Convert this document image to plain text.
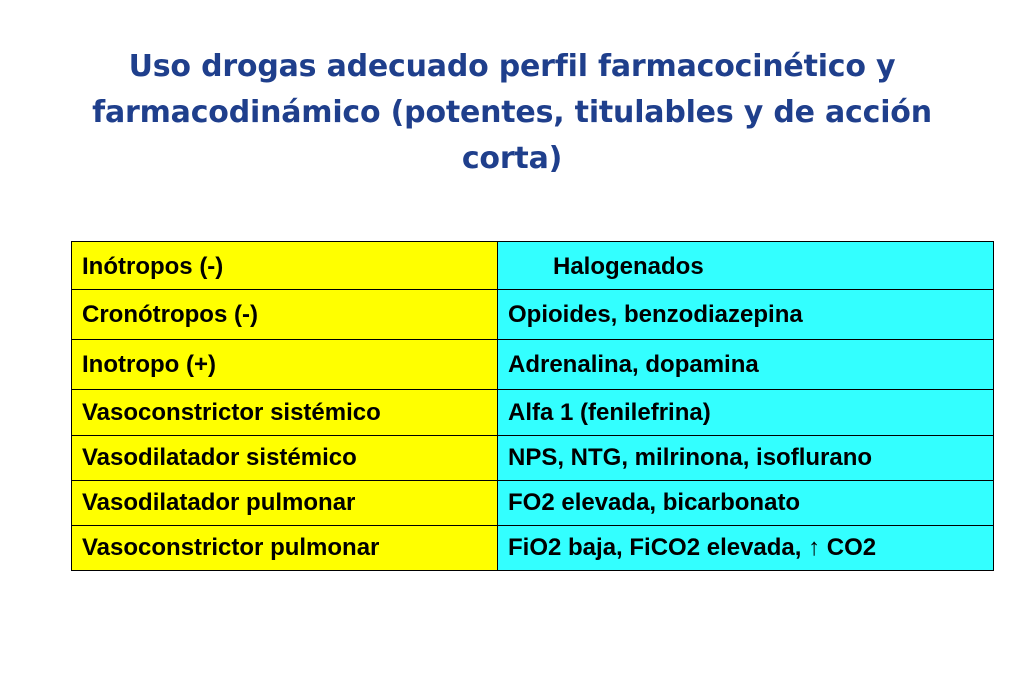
Uso drogas adecuado perfil farmacocinético y farmacodinámico (potentes, titulables y de acción corta)
Inótropos (-)	Halogenados
Cronótropos (-)	Opioides, benzodiazepina
Inotropo (+)	Adrenalina, dopamina
Vasoconstrictor sistémico	Alfa 1 (fenilefrina)
Vasodilatador sistémico	NPS, NTG, milrinona, isoflurano
Vasodilatador pulmonar	FO2 elevada, bicarbonato
Vasoconstrictor pulmonar	FiO2 baja, FiCO2 elevada, ↑ CO2
